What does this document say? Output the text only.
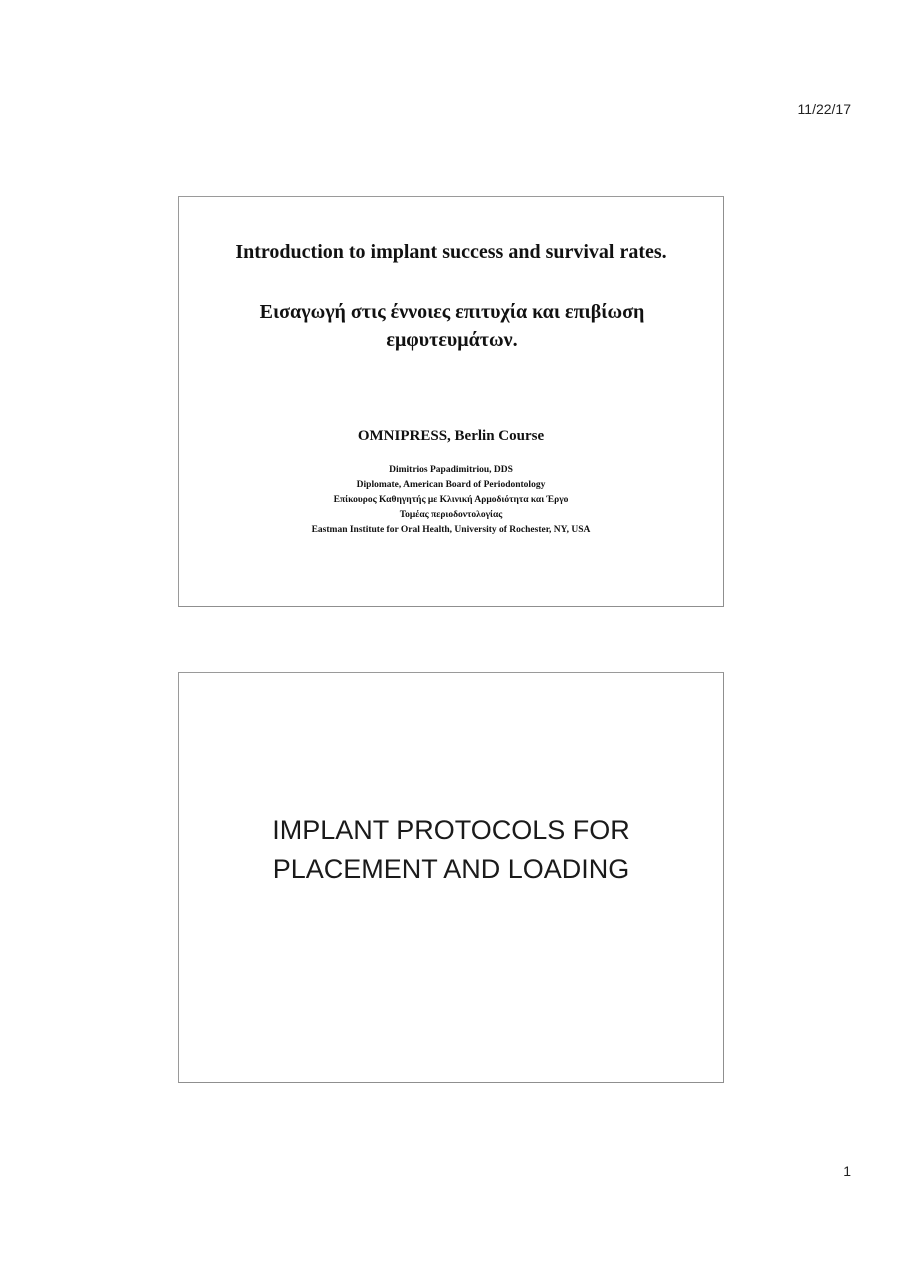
11/22/17
Introduction to implant success and survival rates.
Εισαγωγή στις έννοιες επιτυχία και επιβίωση
εμφυτευμάτων.
OMNIPRESS, Berlin Course
Dimitrios Papadimitriou, DDS
Diplomate, American Board of Periodontology
Επίκουρος Καθηγητής με Κλινική Αρμοδιότητα και Έργο
Τομέας περιοδοντολογίας
Eastman Institute for Oral Health, University of Rochester, NY, USA
IMPLANT PROTOCOLS FOR
PLACEMENT AND LOADING
1
